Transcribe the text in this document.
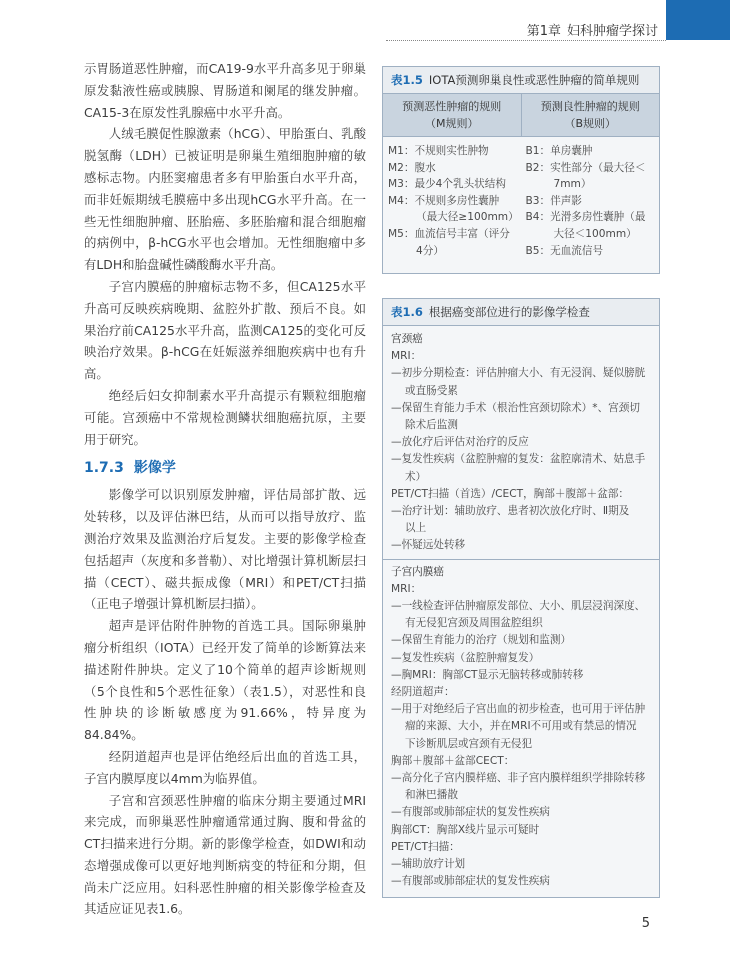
第1章 妇科肿瘤学探讨

示胃肠道恶性肿瘤，而CA19-9水平升高多见于卵巢原发黏液性癌或胰腺、胃肠道和阑尾的继发肿瘤。CA15-3在原发性乳腺癌中水平升高。

人绒毛膜促性腺激素（hCG）、甲胎蛋白、乳酸脱氢酶（LDH）已被证明是卵巢生殖细胞肿瘤的敏感标志物。内胚窦瘤患者多有甲胎蛋白水平升高，而非妊娠期绒毛膜癌中多出现hCG水平升高。在一些无性细胞肿瘤、胚胎癌、多胚胎瘤和混合细胞瘤的病例中，β-hCG水平也会增加。无性细胞瘤中多有LDH和胎盘碱性磷酸酶水平升高。

子宫内膜癌的肿瘤标志物不多，但CA125水平升高可反映疾病晚期、盆腔外扩散、预后不良。如果治疗前CA125水平升高，监测CA125的变化可反映治疗效果。β-hCG在妊娠滋养细胞疾病中也有升高。

绝经后妇女抑制素水平升高提示有颗粒细胞瘤可能。宫颈癌中不常规检测鳞状细胞癌抗原，主要用于研究。

1.7.3 影像学

影像学可以识别原发肿瘤，评估局部扩散、远处转移，以及评估淋巴结，从而可以指导放疗、监测治疗效果及监测治疗后复发。主要的影像学检查包括超声（灰度和多普勒）、对比增强计算机断层扫描（CECT）、磁共振成像（MRI）和PET/CT扫描（正电子增强计算机断层扫描）。

超声是评估附件肿物的首选工具。国际卵巢肿瘤分析组织（IOTA）已经开发了简单的诊断算法来描述附件肿块。定义了10个简单的超声诊断规则（5个良性和5个恶性征象）（表1.5），对恶性和良性肿块的诊断敏感度为91.66%，特异度为84.84%。

经阴道超声也是评估绝经后出血的首选工具，子宫内膜厚度以4mm为临界值。

子宫和宫颈恶性肿瘤的临床分期主要通过MRI来完成，而卵巢恶性肿瘤通常通过胸、腹和骨盆的CT扫描来进行分期。新的影像学检查，如DWI和动态增强成像可以更好地判断病变的特征和分期，但尚未广泛应用。妇科恶性肿瘤的相关影像学检查及其适应证见表1.6。

表1.5 IOTA预测卵巢良性或恶性肿瘤的简单规则
预测恶性肿瘤的规则
（M规则）
预测良性肿瘤的规则
（B规则）
M1：不规则实性肿物
M2：腹水
M3：最少4个乳头状结构
M4：不规则多房性囊肿
（最大径≥100mm）
M5：血流信号丰富（评分
4分）
B1：单房囊肿
B2：实性部分（最大径＜
7mm）
B3：伴声影
B4：光滑多房性囊肿（最
大径＜100mm）
B5：无血流信号
表1.6 根据癌变部位进行的影像学检查
宫颈癌
MRI：
—初步分期检查：评估肿瘤大小、有无浸润、疑似膀胱
或直肠受累
—保留生育能力手术（根治性宫颈切除术）*、宫颈切
除术后监测
—放化疗后评估对治疗的反应
—复发性疾病（盆腔肿瘤的复发：盆腔廓清术、姑息手
术）
PET/CT扫描（首选）/CECT，胸部＋腹部＋盆部：
—治疗计划：辅助放疗、患者初次放化疗时、Ⅱ期及
以上
—怀疑远处转移
子宫内膜癌
MRI：
—一线检查评估肿瘤原发部位、大小、肌层浸润深度、
有无侵犯宫颈及周围盆腔组织
—保留生育能力的治疗（规划和监测）
—复发性疾病（盆腔肿瘤复发）
—胸MRI：胸部CT显示无脑转移或肺转移
经阴道超声：
—用于对绝经后子宫出血的初步检查，也可用于评估肿
瘤的来源、大小，并在MRI不可用或有禁忌的情况
下诊断肌层或宫颈有无侵犯
胸部＋腹部＋盆部CECT：
—高分化子宫内膜样癌、非子宫内膜样组织学排除转移
和淋巴播散
—有腹部或肺部症状的复发性疾病
胸部CT：胸部X线片显示可疑时
PET/CT扫描：
—辅助放疗计划
—有腹部或肺部症状的复发性疾病
5
